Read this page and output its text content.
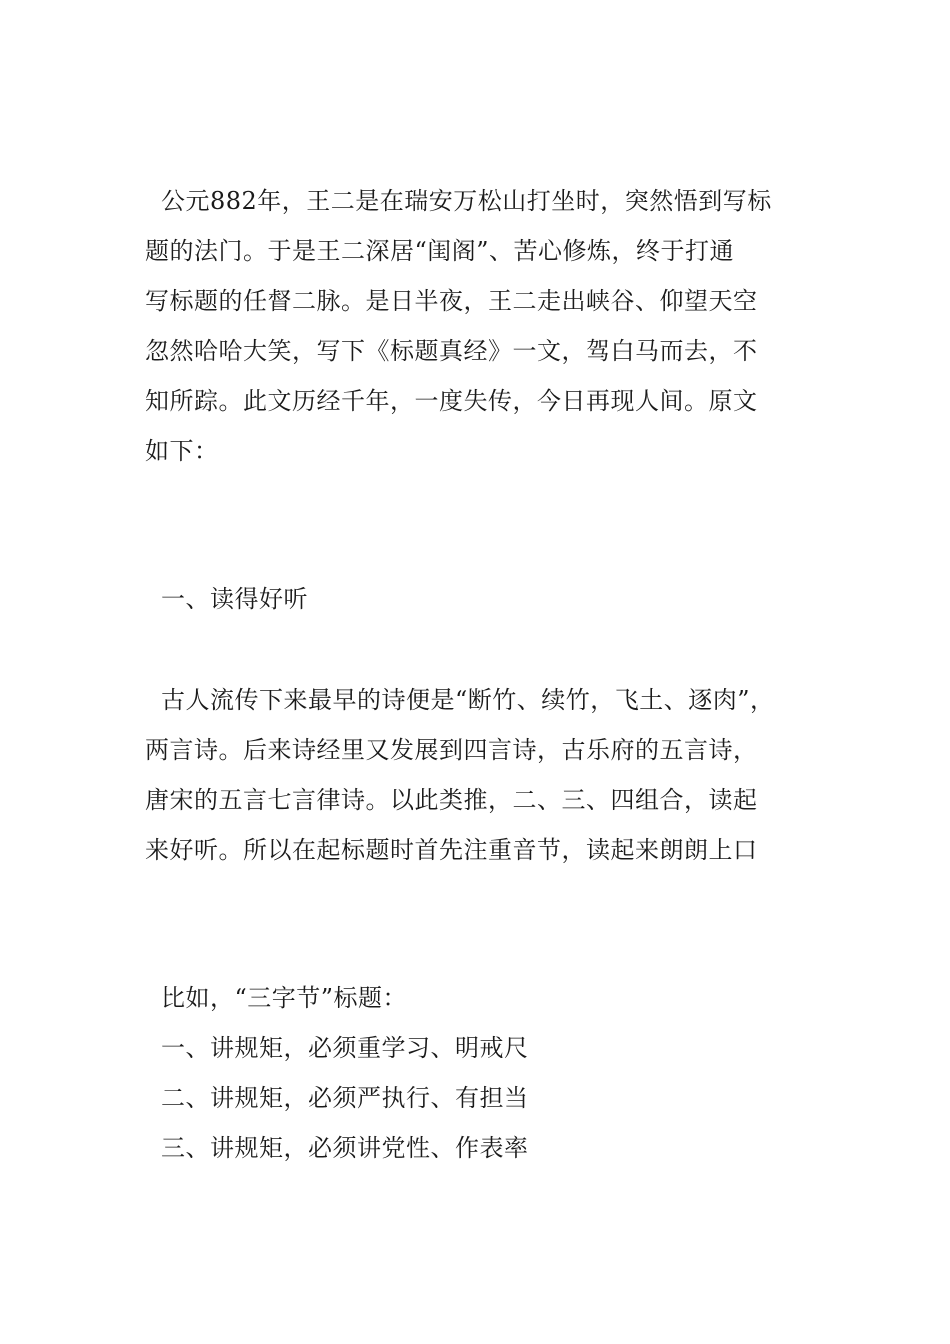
公元882年，王二是在瑞安万松山打坐时，突然悟到写标
题的法门。于是王二深居“闺阁”、苦心修炼，终于打通
写标题的任督二脉。是日半夜，王二走出峡谷、仰望天空
忽然哈哈大笑，写下《标题真经》一文，驾白马而去，不
知所踪。此文历经千年，一度失传，今日再现人间。原文
如下：
一、读得好听
古人流传下来最早的诗便是“断竹、续竹，飞土、逐肉”，
两言诗。后来诗经里又发展到四言诗，古乐府的五言诗，
唐宋的五言七言律诗。以此类推，二、三、四组合，读起
来好听。所以在起标题时首先注重音节，读起来朗朗上口
比如，“三字节”标题：
一、讲规矩，必须重学习、明戒尺
二、讲规矩，必须严执行、有担当
三、讲规矩，必须讲党性、作表率
